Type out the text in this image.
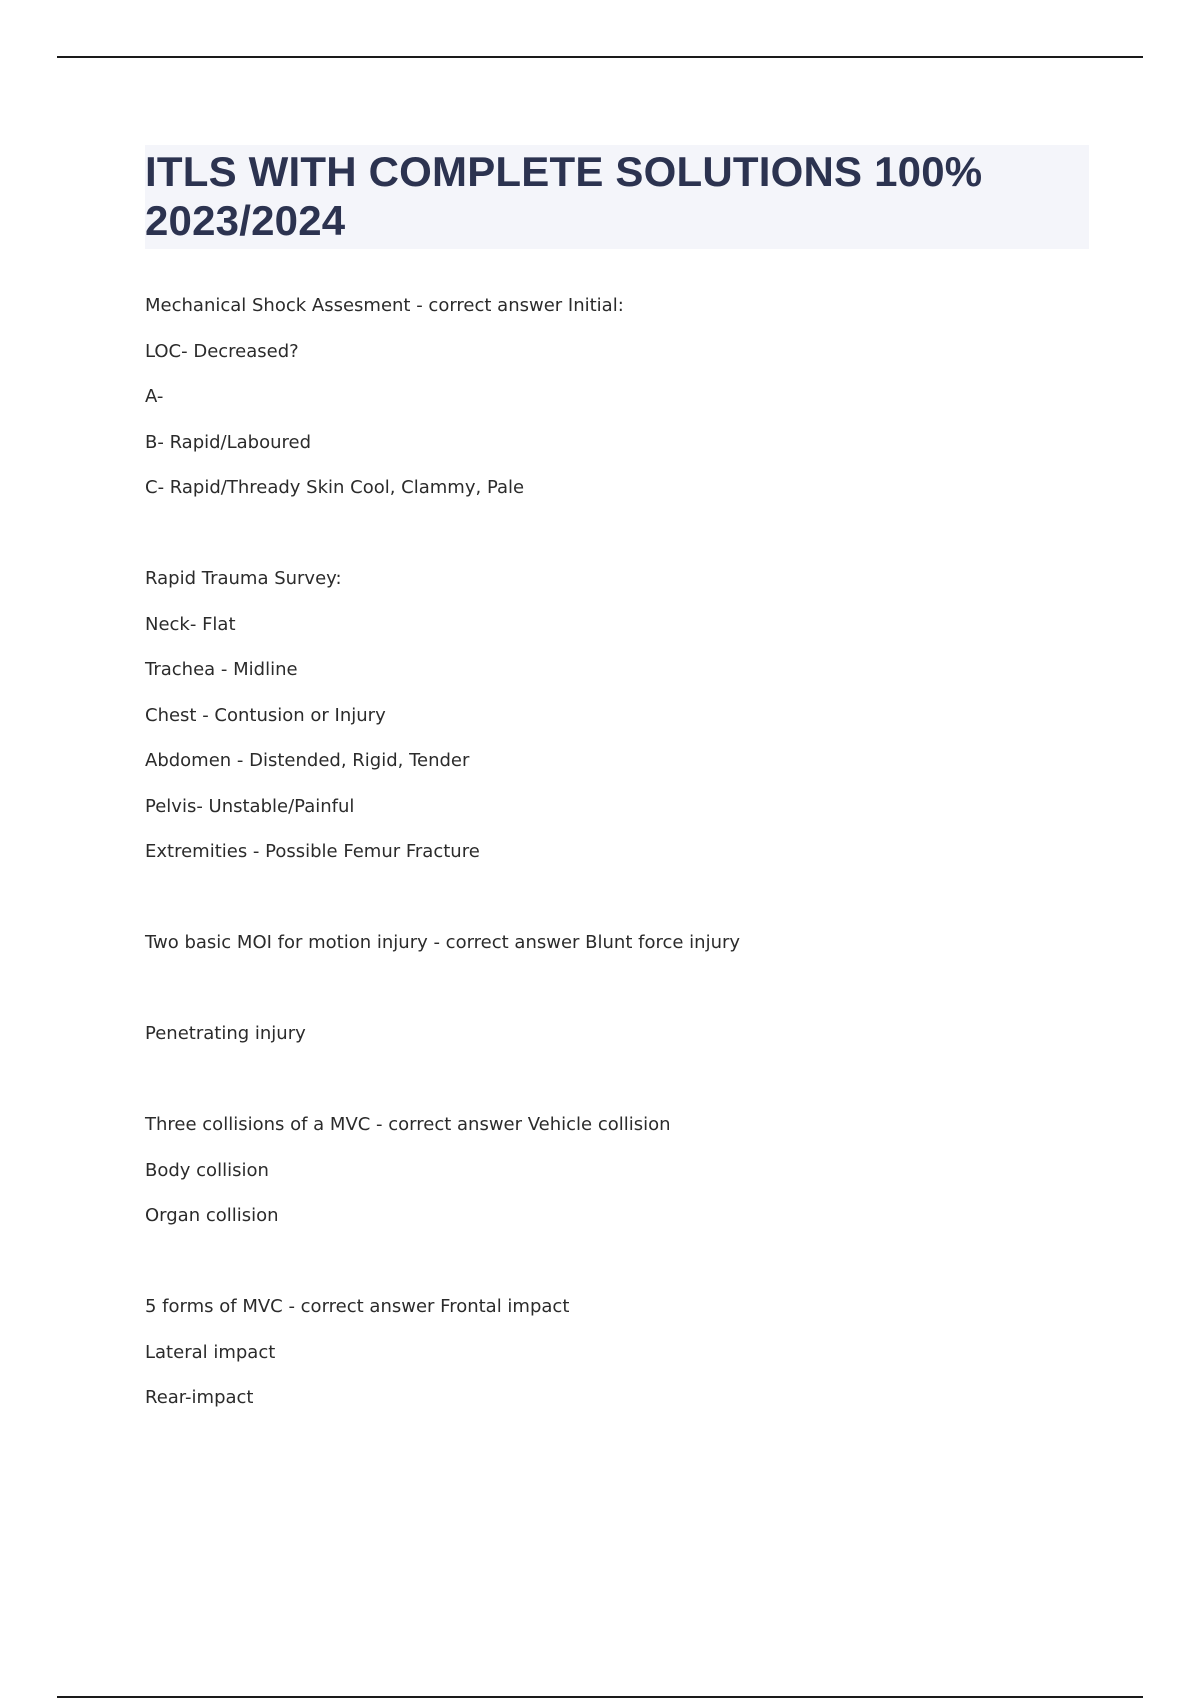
ITLS WITH COMPLETE SOLUTIONS 100%
2023/2024
Mechanical Shock Assesment - correct answer Initial:
LOC- Decreased?
A-
B- Rapid/Laboured
C- Rapid/Thready Skin Cool, Clammy, Pale
Rapid Trauma Survey:
Neck- Flat
Trachea - Midline
Chest - Contusion or Injury
Abdomen - Distended, Rigid, Tender
Pelvis- Unstable/Painful
Extremities - Possible Femur Fracture
Two basic MOI for motion injury - correct answer Blunt force injury
Penetrating injury
Three collisions of a MVC - correct answer Vehicle collision
Body collision
Organ collision
5 forms of MVC - correct answer Frontal impact
Lateral impact
Rear-impact
